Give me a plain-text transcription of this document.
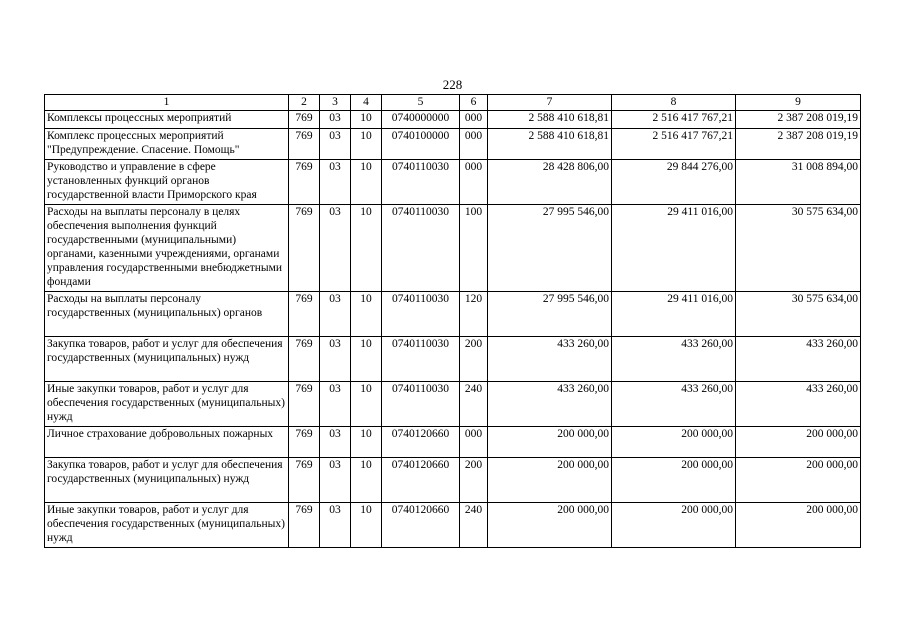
228
1	2	3	4	5	6	7	8	9
Комплексы процессных мероприятий	769	03	10	0740000000	000	2 588 410 618,81	2 516 417 767,21	2 387 208 019,19
Комплекс процессных мероприятий "Предупреждение. Спасение. Помощь"	769	03	10	0740100000	000	2 588 410 618,81	2 516 417 767,21	2 387 208 019,19
Руководство и управление в сфере установленных функций органов государственной власти Приморского края	769	03	10	0740110030	000	28 428 806,00	29 844 276,00	31 008 894,00
Расходы на выплаты персоналу в целях обеспечения выполнения функций государственными (муниципальными) органами, казенными учреждениями, органами управления государственными внебюджетными фондами	769	03	10	0740110030	100	27 995 546,00	29 411 016,00	30 575 634,00
Расходы на выплаты персоналу государственных (муниципальных) органов	769	03	10	0740110030	120	27 995 546,00	29 411 016,00	30 575 634,00
Закупка товаров, работ и услуг для обеспечения государственных (муниципальных) нужд	769	03	10	0740110030	200	433 260,00	433 260,00	433 260,00
Иные закупки товаров, работ и услуг для обеспечения государственных (муниципальных) нужд	769	03	10	0740110030	240	433 260,00	433 260,00	433 260,00
Личное страхование добровольных пожарных	769	03	10	0740120660	000	200 000,00	200 000,00	200 000,00
Закупка товаров, работ и услуг для обеспечения государственных (муниципальных) нужд	769	03	10	0740120660	200	200 000,00	200 000,00	200 000,00
Иные закупки товаров, работ и услуг для обеспечения государственных (муниципальных) нужд	769	03	10	0740120660	240	200 000,00	200 000,00	200 000,00
